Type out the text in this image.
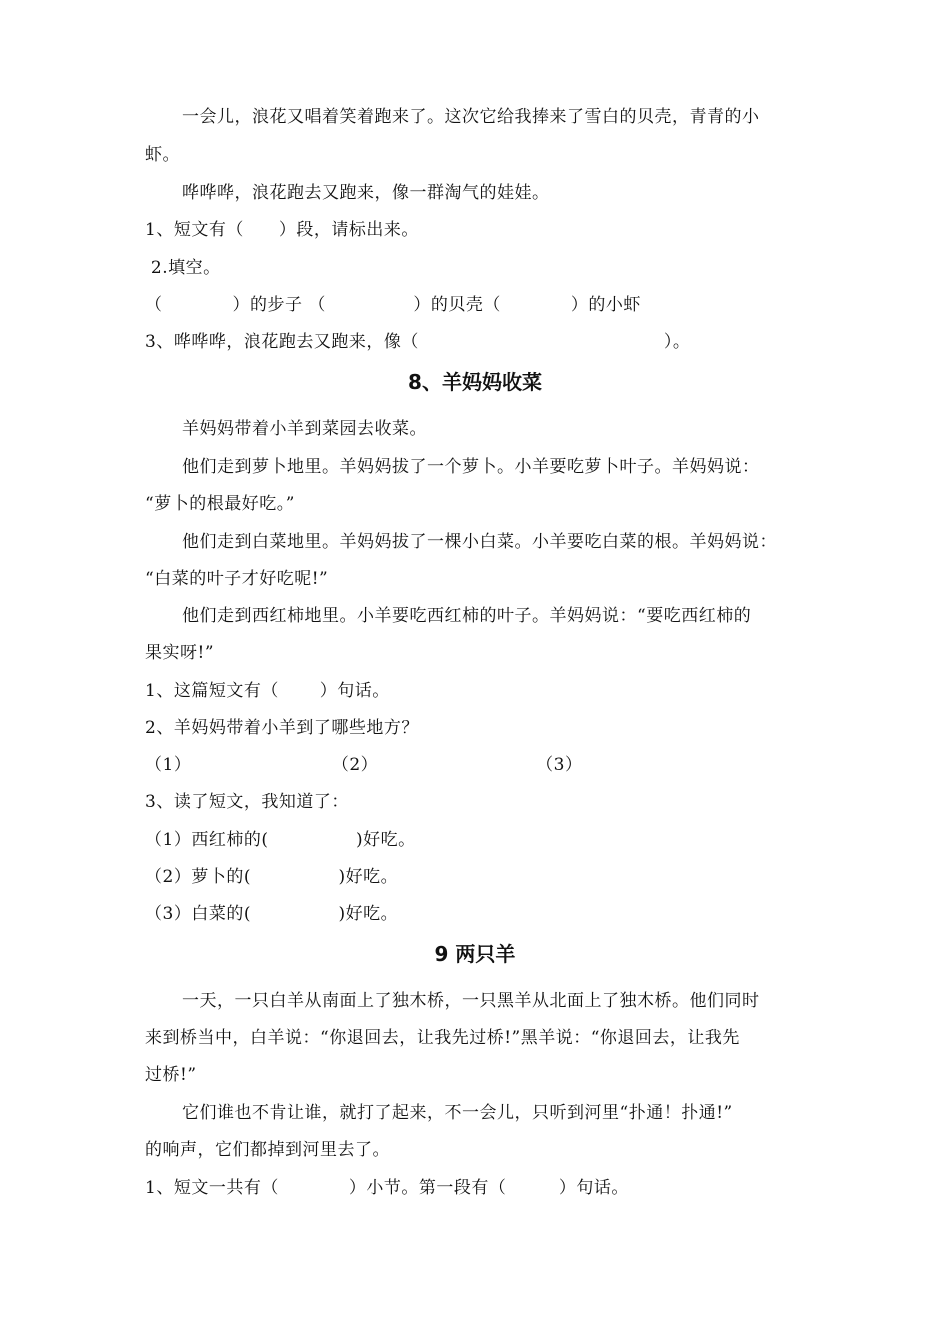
一会儿，浪花又唱着笑着跑来了。这次它给我捧来了雪白的贝壳，青青的小
虾。
哗哗哗，浪花跑去又跑来，像一群淘气的娃娃。
1、短文有（　　）段，请标出来。
2.填空。
（　　　　）的步子 （　　　　　）的贝壳（　　　　）的小虾
3、哗哗哗，浪花跑去又跑来，像（　　　　　　　　　　　　　　）。
8、羊妈妈收菜
羊妈妈带着小羊到菜园去收菜。
他们走到萝卜地里。羊妈妈拔了一个萝卜。小羊要吃萝卜叶子。羊妈妈说：
“萝卜的根最好吃。”
他们走到白菜地里。羊妈妈拔了一棵小白菜。小羊要吃白菜的根。羊妈妈说：
“白菜的叶子才好吃呢!”
他们走到西红柿地里。小羊要吃西红柿的叶子。羊妈妈说：“要吃西红柿的
果实呀!”
1、这篇短文有（　　 ）句话。
2、羊妈妈带着小羊到了哪些地方？
（1）　　　　　　　　　（2）　　　　　　　　　　（3）
3、读了短文，我知道了：
（1）西红柿的(　　　　　)好吃。
（2）萝卜的(　　　　　)好吃。
（3）白菜的(　　　　　)好吃。
9 两只羊
一天，一只白羊从南面上了独木桥，一只黑羊从北面上了独木桥。他们同时
来到桥当中，白羊说：“你退回去，让我先过桥!”黑羊说：“你退回去，让我先
过桥!”
它们谁也不肯让谁，就打了起来，不一会儿，只听到河里“扑通！扑通!”
的响声，它们都掉到河里去了。
1、短文一共有（　　　　）小节。第一段有（　　　）句话。
